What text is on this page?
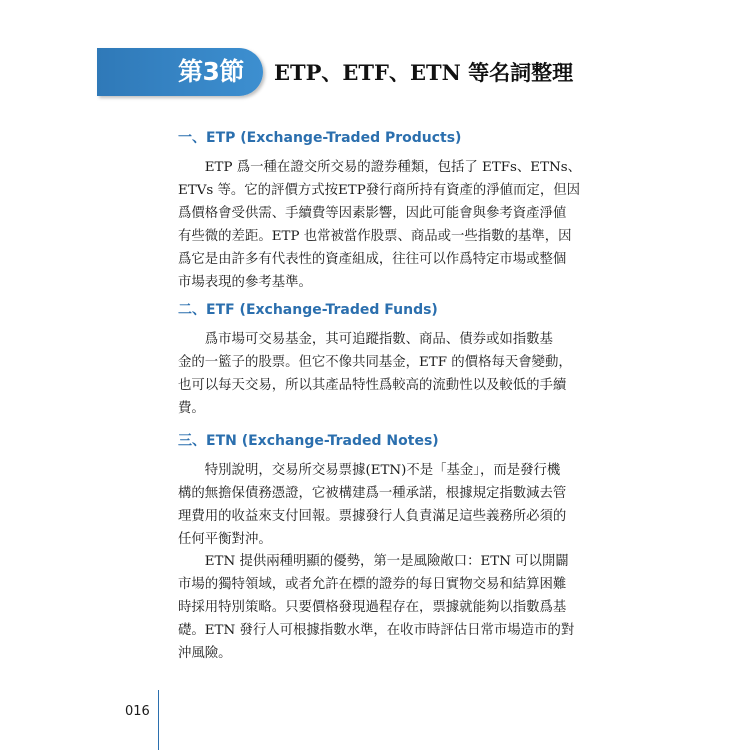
第3節 ETP、ETF、ETN 等名詞整理
一、ETP (Exchange-Traded Products)
　　ETP 爲一種在證交所交易的證券種類，包括了 ETFs、ETNs、
ETVs 等。它的評價方式按ETP發行商所持有資產的淨値而定，但因
爲價格會受供需、手續費等因素影響，因此可能會與參考資產淨値
有些微的差距。ETP 也常被當作股票、商品或一些指數的基準，因
爲它是由許多有代表性的資產組成，往往可以作爲特定市場或整個
市場表現的參考基準。
二、ETF (Exchange-Traded Funds)
　　爲市場可交易基金，其可追蹤指數、商品、債券或如指數基
金的一籃子的股票。但它不像共同基金，ETF 的價格每天會變動，
也可以每天交易，所以其產品特性爲較高的流動性以及較低的手續
費。
三、ETN (Exchange-Traded Notes)
　　特別說明，交易所交易票據(ETN)不是「基金」，而是發行機
構的無擔保債務憑證，它被構建爲一種承諾，根據規定指數減去管
理費用的收益來支付回報。票據發行人負責滿足這些義務所必須的
任何平衡對沖。
　　ETN 提供兩種明顯的優勢，第一是風險敞口：ETN 可以開闢
市場的獨特領域，或者允許在標的證券的每日實物交易和結算困難
時採用特別策略。只要價格發現過程存在，票據就能夠以指數爲基
礎。ETN 發行人可根據指數水準，在收市時評估日常市場造市的對
沖風險。
016
